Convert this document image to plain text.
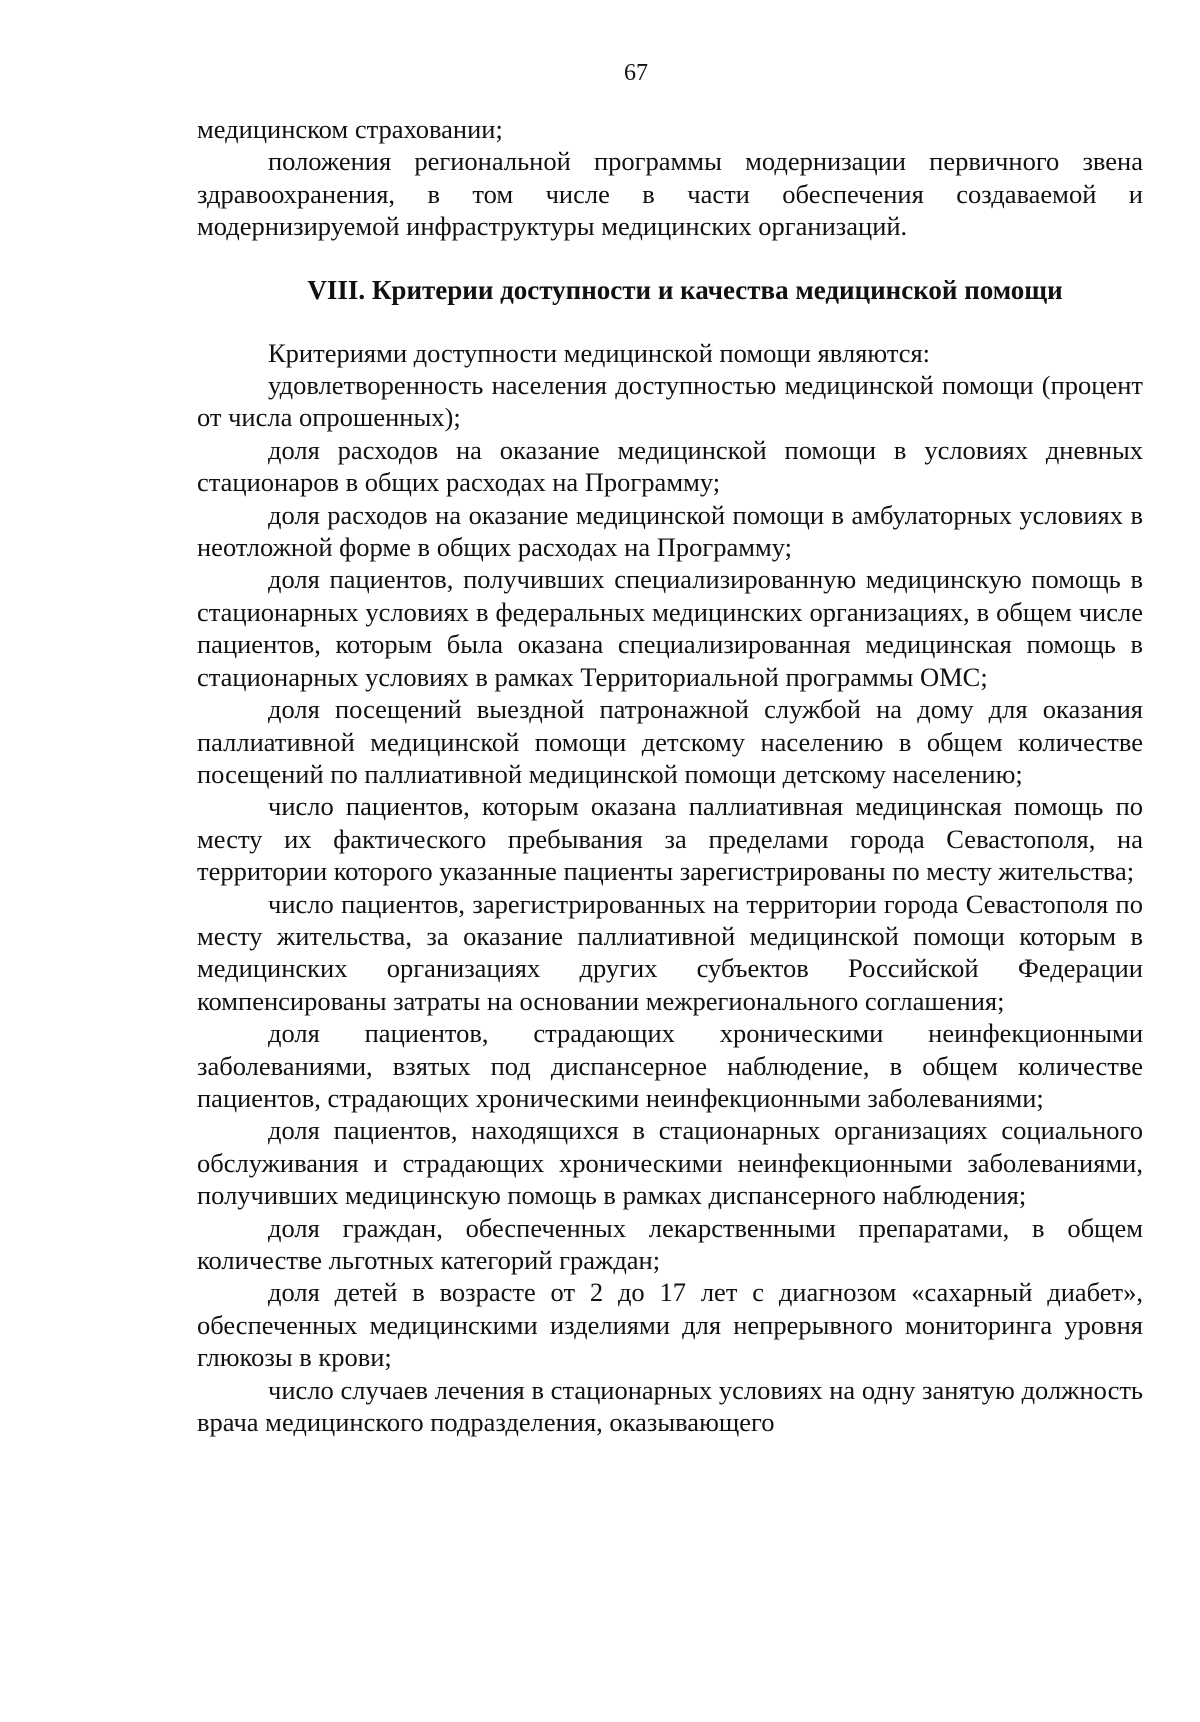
67

медицинском страховании;

положения региональной программы модернизации первичного звена здравоохранения, в том числе в части обеспечения создаваемой и модернизируемой инфраструктуры медицинских организаций.

VIII. Критерии доступности и качества медицинской помощи

Критериями доступности медицинской помощи являются:

удовлетворенность населения доступностью медицинской помощи (процент от числа опрошенных);

доля расходов на оказание медицинской помощи в условиях дневных стационаров в общих расходах на Программу;

доля расходов на оказание медицинской помощи в амбулаторных условиях в неотложной форме в общих расходах на Программу;

доля пациентов, получивших специализированную медицинскую помощь в стационарных условиях в федеральных медицинских организациях, в общем числе пациентов, которым была оказана специализированная медицинская помощь в стационарных условиях в рамках Территориальной программы ОМС;

доля посещений выездной патронажной службой на дому для оказания паллиативной медицинской помощи детскому населению в общем количестве посещений по паллиативной медицинской помощи детскому населению;

число пациентов, которым оказана паллиативная медицинская помощь по месту их фактического пребывания за пределами города Севастополя, на территории которого указанные пациенты зарегистрированы по месту жительства;

число пациентов, зарегистрированных на территории города Севастополя по месту жительства, за оказание паллиативной медицинской помощи которым в медицинских организациях других субъектов Российской Федерации компенсированы затраты на основании межрегионального соглашения;

доля пациентов, страдающих хроническими неинфекционными заболеваниями, взятых под диспансерное наблюдение, в общем количестве пациентов, страдающих хроническими неинфекционными заболеваниями;

доля пациентов, находящихся в стационарных организациях социального обслуживания и страдающих хроническими неинфекционными заболеваниями, получивших медицинскую помощь в рамках диспансерного наблюдения;

доля граждан, обеспеченных лекарственными препаратами, в общем количестве льготных категорий граждан;

доля детей в возрасте от 2 до 17 лет с диагнозом «сахарный диабет», обеспеченных медицинскими изделиями для непрерывного мониторинга уровня глюкозы в крови;

число случаев лечения в стационарных условиях на одну занятую должность врача медицинского подразделения, оказывающего
